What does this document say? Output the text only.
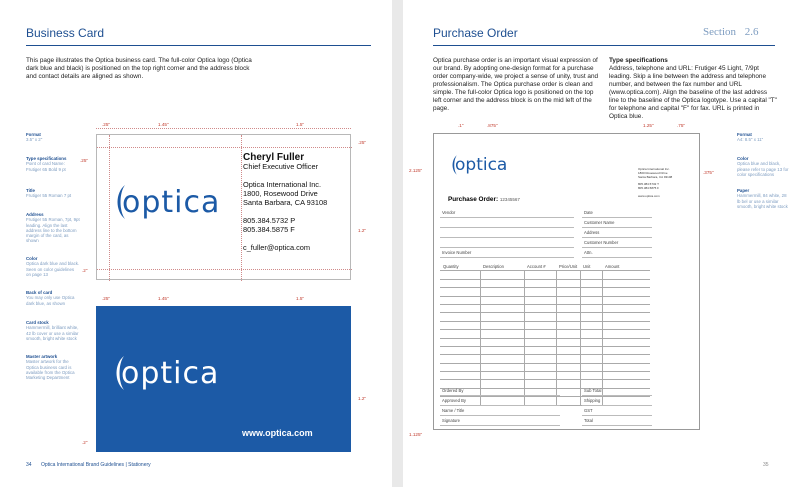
Business Card
This page illustrates the Optica business card. The full-color Optica logo (Optica dark blue and black) is positioned on the top right corner and the address block and contact details are aligned as shown.
Format
3.5" x 2"
Type specifications
Point of card Name: Frutiger 65 Bold 9 pt
Title
Frutiger 55 Roman 7 pt
Address
Frutiger 55 Roman, 7pt, 9pt leading. Align the last address line to the bottom margin of the card, as shown
Color
Optica dark blue and black. Seen on color guidelines on page 13
Back of card
You may only use Optica dark blue, as shown
Card stock
Hammermill, brilliant white, 42 lb cover or use a similar smooth, bright white stock
Master artwork
Master artwork for the Optica business card is available from the Optica Marketing Department
.25"	1.45"	1.5"
.25"
.25"
1.2"
.2"
optica
Cheryl Fuller
Chief Executive Officer
Optica International Inc.
1800, Rosewood Drive
Santa Barbara, CA 93108
805.384.5732 P
805.384.5875 F
c_fuller@optica.com
.25"	1.45"	1.5"
1.2"
.2"
optica
www.optica.com
34 Optica International Brand Guidelines | Stationery
Purchase Order	Section 2.6
Optica purchase order is an important visual expression of our brand. By adopting one-design format for a purchase order company-wide, we project a sense of unity, trust and professionalism. The Optica purchase order is clean and simple. The full-color Optica logo is positioned on the top left corner and the address block is on the mid left of the page.
Type specifications
Address, telephone and URL: Frutiger 45 Light, 7/9pt leading. Skip a line between the address and telephone number, and between the fax number and URL (www.optica.com). Align the baseline of the last address line to the baseline of the Optica logotype. Use a capital "T" for telephone and capital "F" for fax. URL is printed in Optica blue.
Format
A4: 8.5" x 11"
Color
Optica blue and black, please refer to page 13 for color specifications
Paper
Hammermill, 84 white, 28 lb bel or use a similar smooth, bright white stock
.1"	.875"	1.25"	.75"
2.125"	.375"
1.125"
optica	Optica International Inc.
1800 Rosewood Drive
Santa Barbara, CA 93108
805.384.5732 T
805.384.5875 F
www.optica.com
Purchase Order: 12345567
Vendor	Date
Customer Name
Address
Customer Number
Invoice Number	Attn.
Quantity	Description	Account #	Price/Unit Unit	Amount
Ordered By	Sub Total
Approved By	Shipping
Name / Title	GST
Signature	Total
35
